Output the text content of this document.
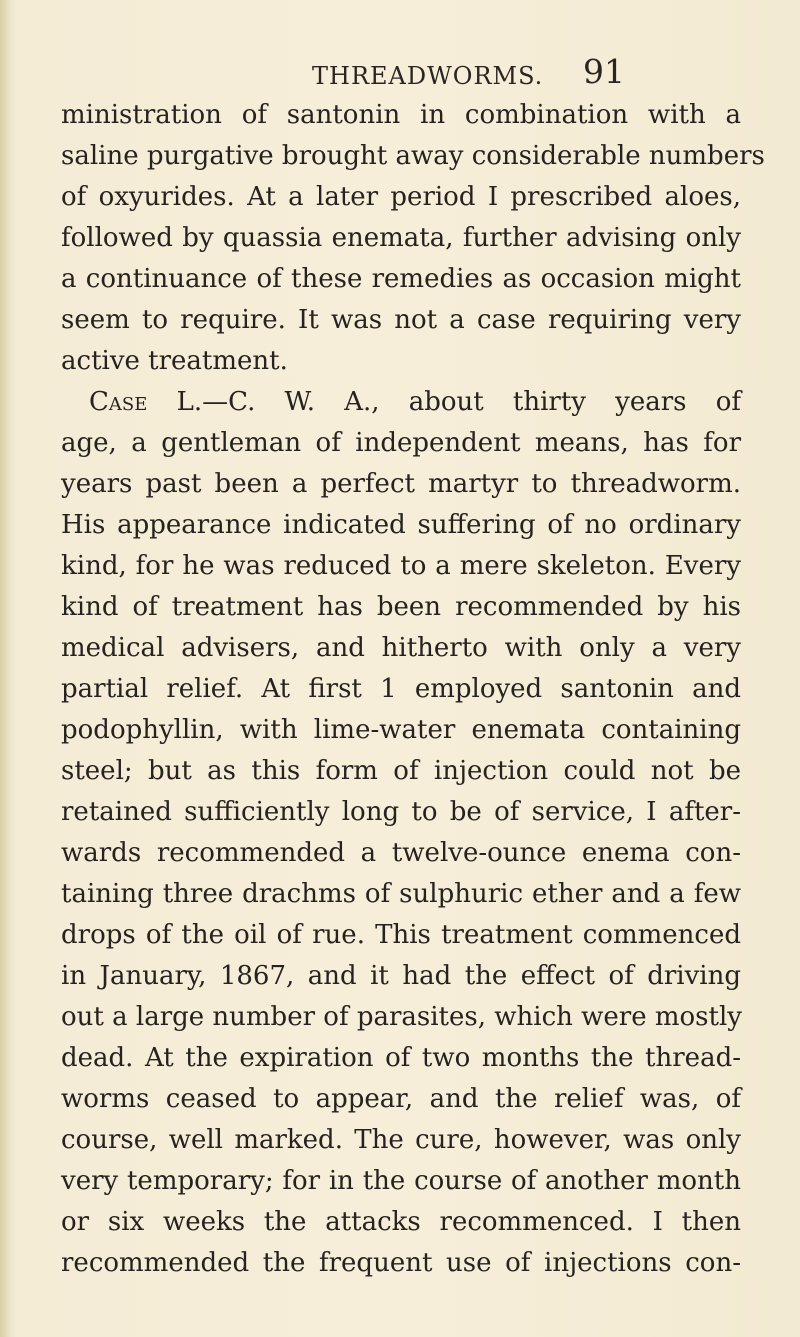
THREADWORMS. 91
ministration of santonin in combination with a
saline purgative brought away considerable numbers
of oxyurides. At a later period I prescribed aloes,
followed by quassia enemata, further advising only
a continuance of these remedies as occasion might
seem to require. It was not a case requiring very
active treatment.
Case L.—C. W. A., about thirty years of
age, a gentleman of independent means, has for
years past been a perfect martyr to threadworm.
His appearance indicated suffering of no ordinary
kind, for he was reduced to a mere skeleton. Every
kind of treatment has been recommended by his
medical advisers, and hitherto with only a very
partial relief. At first 1 employed santonin and
podophyllin, with lime-water enemata containing
steel; but as this form of injection could not be
retained sufficiently long to be of service, I after-
wards recommended a twelve-ounce enema con-
taining three drachms of sulphuric ether and a few
drops of the oil of rue. This treatment commenced
in January, 1867, and it had the effect of driving
out a large number of parasites, which were mostly
dead. At the expiration of two months the thread-
worms ceased to appear, and the relief was, of
course, well marked. The cure, however, was only
very temporary; for in the course of another month
or six weeks the attacks recommenced. I then
recommended the frequent use of injections con-
